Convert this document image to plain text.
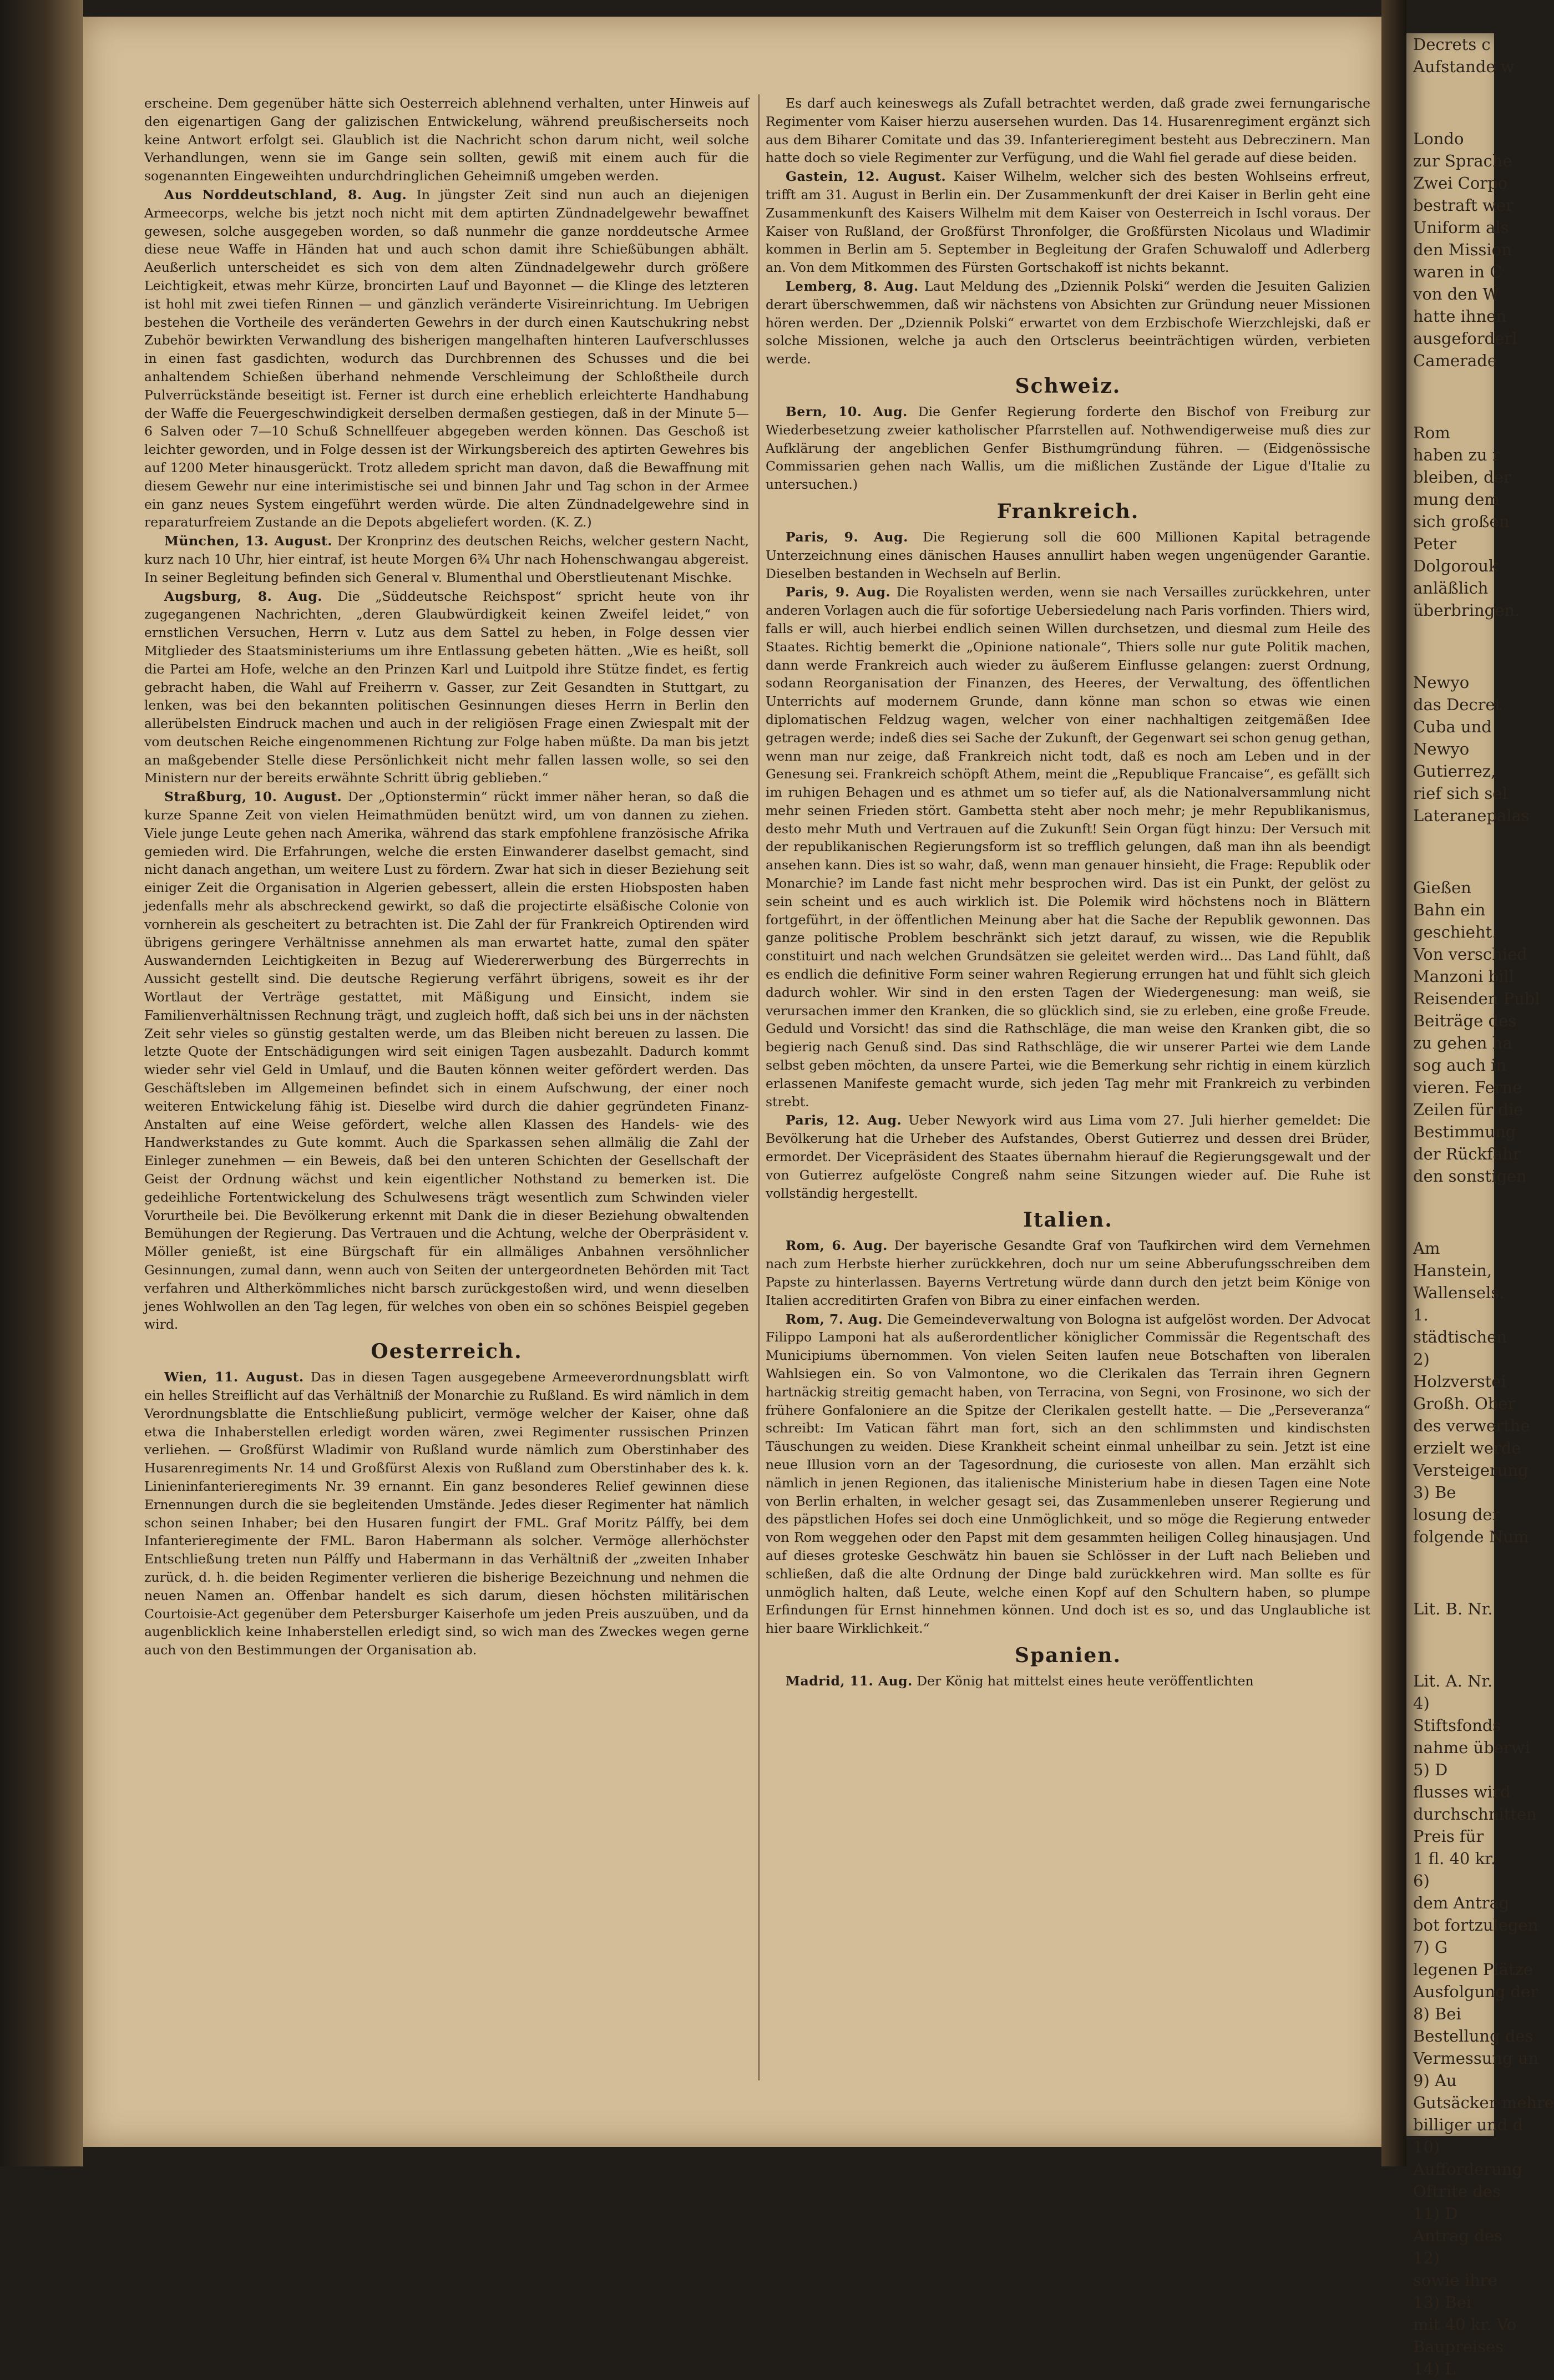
erscheine. Dem gegenüber hätte sich Oesterreich ablehnend verhalten, unter Hinweis auf den eigenartigen Gang der galizischen Entwickelung, während preußischerseits noch keine Antwort erfolgt sei. Glaublich ist die Nachricht schon darum nicht, weil solche Verhandlungen, wenn sie im Gange sein sollten, gewiß mit einem auch für die sogenannten Eingeweihten undurchdringlichen Geheimniß umgeben werden.

Aus Norddeutschland, 8. Aug. In jüngster Zeit sind nun auch an diejenigen Armeecorps, welche bis jetzt noch nicht mit dem aptirten Zündnadelgewehr bewaffnet gewesen, solche ausgegeben worden, so daß nunmehr die ganze norddeutsche Armee diese neue Waffe in Händen hat und auch schon damit ihre Schießübungen abhält. Aeußerlich unterscheidet es sich von dem alten Zündnadelgewehr durch größere Leichtigkeit, etwas mehr Kürze, broncirten Lauf und Bayonnet — die Klinge des letzteren ist hohl mit zwei tiefen Rinnen — und gänzlich veränderte Visireinrichtung. Im Uebrigen bestehen die Vortheile des veränderten Gewehrs in der durch einen Kautschukring nebst Zubehör bewirkten Verwandlung des bisherigen mangelhaften hinteren Laufverschlusses in einen fast gasdichten, wodurch das Durchbrennen des Schusses und die bei anhaltendem Schießen überhand nehmende Verschleimung der Schloßtheile durch Pulverrückstände beseitigt ist. Ferner ist durch eine erheblich erleichterte Handhabung der Waffe die Feuergeschwindigkeit derselben dermaßen gestiegen, daß in der Minute 5—6 Salven oder 7—10 Schuß Schnellfeuer abgegeben werden können. Das Geschoß ist leichter geworden, und in Folge dessen ist der Wirkungsbereich des aptirten Gewehres bis auf 1200 Meter hinausgerückt. Trotz alledem spricht man davon, daß die Bewaffnung mit diesem Gewehr nur eine interimistische sei und binnen Jahr und Tag schon in der Armee ein ganz neues System eingeführt werden würde. Die alten Zündnadelgewehre sind in reparaturfreiem Zustande an die Depots abgeliefert worden. (K. Z.)

München, 13. August. Der Kronprinz des deutschen Reichs, welcher gestern Nacht, kurz nach 10 Uhr, hier eintraf, ist heute Morgen 6¾ Uhr nach Hohenschwangau abgereist. In seiner Begleitung befinden sich General v. Blumenthal und Oberstlieutenant Mischke.

Augsburg, 8. Aug. Die „Süddeutsche Reichspost“ spricht heute von ihr zugegangenen Nachrichten, „deren Glaubwürdigkeit keinen Zweifel leidet,“ von ernstlichen Versuchen, Herrn v. Lutz aus dem Sattel zu heben, in Folge dessen vier Mitglieder des Staatsministeriums um ihre Entlassung gebeten hätten. „Wie es heißt, soll die Partei am Hofe, welche an den Prinzen Karl und Luitpold ihre Stütze findet, es fertig gebracht haben, die Wahl auf Freiherrn v. Gasser, zur Zeit Gesandten in Stuttgart, zu lenken, was bei den bekannten politischen Gesinnungen dieses Herrn in Berlin den allerübelsten Eindruck machen und auch in der religiösen Frage einen Zwiespalt mit der vom deutschen Reiche eingenommenen Richtung zur Folge haben müßte. Da man bis jetzt an maßgebender Stelle diese Persönlichkeit nicht mehr fallen lassen wolle, so sei den Ministern nur der bereits erwähnte Schritt übrig geblieben.“

Straßburg, 10. August. Der „Optionstermin“ rückt immer näher heran, so daß die kurze Spanne Zeit von vielen Heimathmüden benützt wird, um von dannen zu ziehen. Viele junge Leute gehen nach Amerika, während das stark empfohlene französische Afrika gemieden wird. Die Erfahrungen, welche die ersten Einwanderer daselbst gemacht, sind nicht danach angethan, um weitere Lust zu fördern. Zwar hat sich in dieser Beziehung seit einiger Zeit die Organisation in Algerien gebessert, allein die ersten Hiobsposten haben jedenfalls mehr als abschreckend gewirkt, so daß die projectirte elsäßische Colonie von vornherein als gescheitert zu betrachten ist. Die Zahl der für Frankreich Optirenden wird übrigens geringere Verhältnisse annehmen als man erwartet hatte, zumal den später Auswandernden Leichtigkeiten in Bezug auf Wiedererwerbung des Bürgerrechts in Aussicht gestellt sind. Die deutsche Regierung verfährt übrigens, soweit es ihr der Wortlaut der Verträge gestattet, mit Mäßigung und Einsicht, indem sie Familienverhältnissen Rechnung trägt, und zugleich hofft, daß sich bei uns in der nächsten Zeit sehr vieles so günstig gestalten werde, um das Bleiben nicht bereuen zu lassen. Die letzte Quote der Entschädigungen wird seit einigen Tagen ausbezahlt. Dadurch kommt wieder sehr viel Geld in Umlauf, und die Bauten können weiter gefördert werden. Das Geschäftsleben im Allgemeinen befindet sich in einem Aufschwung, der einer noch weiteren Entwickelung fähig ist. Dieselbe wird durch die dahier gegründeten Finanz-Anstalten auf eine Weise gefördert, welche allen Klassen des Handels- wie des Handwerkstandes zu Gute kommt. Auch die Sparkassen sehen allmälig die Zahl der Einleger zunehmen — ein Beweis, daß bei den unteren Schichten der Gesellschaft der Geist der Ordnung wächst und kein eigentlicher Nothstand zu bemerken ist. Die gedeihliche Fortentwickelung des Schulwesens trägt wesentlich zum Schwinden vieler Vorurtheile bei. Die Bevölkerung erkennt mit Dank die in dieser Beziehung obwaltenden Bemühungen der Regierung. Das Vertrauen und die Achtung, welche der Oberpräsident v. Möller genießt, ist eine Bürgschaft für ein allmäliges Anbahnen versöhnlicher Gesinnungen, zumal dann, wenn auch von Seiten der untergeordneten Behörden mit Tact verfahren und Altherkömmliches nicht barsch zurückgestoßen wird, und wenn dieselben jenes Wohlwollen an den Tag legen, für welches von oben ein so schönes Beispiel gegeben wird.

Oesterreich.

Wien, 11. August. Das in diesen Tagen ausgegebene Armeeverordnungsblatt wirft ein helles Streiflicht auf das Verhältniß der Monarchie zu Rußland. Es wird nämlich in dem Verordnungsblatte die Entschließung publicirt, vermöge welcher der Kaiser, ohne daß etwa die Inhaberstellen erledigt worden wären, zwei Regimenter russischen Prinzen verliehen. — Großfürst Wladimir von Rußland wurde nämlich zum Oberstinhaber des Husarenregiments Nr. 14 und Großfürst Alexis von Rußland zum Oberstinhaber des k. k. Linieninfanterieregiments Nr. 39 ernannt. Ein ganz besonderes Relief gewinnen diese Ernennungen durch die sie begleitenden Umstände. Jedes dieser Regimenter hat nämlich schon seinen Inhaber; bei den Husaren fungirt der FML. Graf Moritz Pálffy, bei dem Infanterieregimente der FML. Baron Habermann als solcher. Vermöge allerhöchster Entschließung treten nun Pálffy und Habermann in das Verhältniß der „zweiten Inhaber zurück, d. h. die beiden Regimenter verlieren die bisherige Bezeichnung und nehmen die neuen Namen an. Offenbar handelt es sich darum, diesen höchsten militärischen Courtoisie-Act gegenüber dem Petersburger Kaiserhofe um jeden Preis auszuüben, und da augenblicklich keine Inhaberstellen erledigt sind, so wich man des Zweckes wegen gerne auch von den Bestimmungen der Organisation ab.

Es darf auch keineswegs als Zufall betrachtet werden, daß grade zwei fernungarische Regimenter vom Kaiser hierzu ausersehen wurden. Das 14. Husarenregiment ergänzt sich aus dem Biharer Comitate und das 39. Infanterieregiment besteht aus Debreczinern. Man hatte doch so viele Regimenter zur Verfügung, und die Wahl fiel gerade auf diese beiden.

Gastein, 12. August. Kaiser Wilhelm, welcher sich des besten Wohlseins erfreut, trifft am 31. August in Berlin ein. Der Zusammenkunft der drei Kaiser in Berlin geht eine Zusammenkunft des Kaisers Wilhelm mit dem Kaiser von Oesterreich in Ischl voraus. Der Kaiser von Rußland, der Großfürst Thronfolger, die Großfürsten Nicolaus und Wladimir kommen in Berlin am 5. September in Begleitung der Grafen Schuwaloff und Adlerberg an. Von dem Mitkommen des Fürsten Gortschakoff ist nichts bekannt.

Lemberg, 8. Aug. Laut Meldung des „Dziennik Polski“ werden die Jesuiten Galizien derart überschwemmen, daß wir nächstens von Absichten zur Gründung neuer Missionen hören werden. Der „Dziennik Polski“ erwartet von dem Erzbischofe Wierzchlejski, daß er solche Missionen, welche ja auch den Ortsclerus beeinträchtigen würden, verbieten werde.

Schweiz.

Bern, 10. Aug. Die Genfer Regierung forderte den Bischof von Freiburg zur Wiederbesetzung zweier katholischer Pfarrstellen auf. Nothwendigerweise muß dies zur Aufklärung der angeblichen Genfer Bisthumgründung führen. — (Eidgenössische Commissarien gehen nach Wallis, um die mißlichen Zustände der Ligue d'Italie zu untersuchen.)

Frankreich.

Paris, 9. Aug. Die Regierung soll die 600 Millionen Kapital betragende Unterzeichnung eines dänischen Hauses annullirt haben wegen ungenügender Garantie. Dieselben bestanden in Wechseln auf Berlin.

Paris, 9. Aug. Die Royalisten werden, wenn sie nach Versailles zurückkehren, unter anderen Vorlagen auch die für sofortige Uebersiedelung nach Paris vorfinden. Thiers wird, falls er will, auch hierbei endlich seinen Willen durchsetzen, und diesmal zum Heile des Staates. Richtig bemerkt die „Opinione nationale“, Thiers solle nur gute Politik machen, dann werde Frankreich auch wieder zu äußerem Einflusse gelangen: zuerst Ordnung, sodann Reorganisation der Finanzen, des Heeres, der Verwaltung, des öffentlichen Unterrichts auf modernem Grunde, dann könne man schon so etwas wie einen diplomatischen Feldzug wagen, welcher von einer nachhaltigen zeitgemäßen Idee getragen werde; indeß dies sei Sache der Zukunft, der Gegenwart sei schon genug gethan, wenn man nur zeige, daß Frankreich nicht todt, daß es noch am Leben und in der Genesung sei. Frankreich schöpft Athem, meint die „Republique Francaise“, es gefällt sich im ruhigen Behagen und es athmet um so tiefer auf, als die Nationalversammlung nicht mehr seinen Frieden stört. Gambetta steht aber noch mehr; je mehr Republikanismus, desto mehr Muth und Vertrauen auf die Zukunft! Sein Organ fügt hinzu: Der Versuch mit der republikanischen Regierungsform ist so trefflich gelungen, daß man ihn als beendigt ansehen kann. Dies ist so wahr, daß, wenn man genauer hinsieht, die Frage: Republik oder Monarchie? im Lande fast nicht mehr besprochen wird. Das ist ein Punkt, der gelöst zu sein scheint und es auch wirklich ist. Die Polemik wird höchstens noch in Blättern fortgeführt, in der öffentlichen Meinung aber hat die Sache der Republik gewonnen. Das ganze politische Problem beschränkt sich jetzt darauf, zu wissen, wie die Republik constituirt und nach welchen Grundsätzen sie geleitet werden wird... Das Land fühlt, daß es endlich die definitive Form seiner wahren Regierung errungen hat und fühlt sich gleich dadurch wohler. Wir sind in den ersten Tagen der Wiedergenesung: man weiß, sie verursachen immer den Kranken, die so glücklich sind, sie zu erleben, eine große Freude. Geduld und Vorsicht! das sind die Rathschläge, die man weise den Kranken gibt, die so begierig nach Genuß sind. Das sind Rathschläge, die wir unserer Partei wie dem Lande selbst geben möchten, da unsere Partei, wie die Bemerkung sehr richtig in einem kürzlich erlassenen Manifeste gemacht wurde, sich jeden Tag mehr mit Frankreich zu verbinden strebt.

Paris, 12. Aug. Ueber Newyork wird aus Lima vom 27. Juli hierher gemeldet: Die Bevölkerung hat die Urheber des Aufstandes, Oberst Gutierrez und dessen drei Brüder, ermordet. Der Vicepräsident des Staates übernahm hierauf die Regierungsgewalt und der von Gutierrez aufgelöste Congreß nahm seine Sitzungen wieder auf. Die Ruhe ist vollständig hergestellt.

Italien.

Rom, 6. Aug. Der bayerische Gesandte Graf von Taufkirchen wird dem Vernehmen nach zum Herbste hierher zurückkehren, doch nur um seine Abberufungsschreiben dem Papste zu hinterlassen. Bayerns Vertretung würde dann durch den jetzt beim Könige von Italien accreditirten Grafen von Bibra zu einer einfachen werden.

Rom, 7. Aug. Die Gemeindeverwaltung von Bologna ist aufgelöst worden. Der Advocat Filippo Lamponi hat als außerordentlicher königlicher Commissär die Regentschaft des Municipiums übernommen. Von vielen Seiten laufen neue Botschaften von liberalen Wahlsiegen ein. So von Valmontone, wo die Clerikalen das Terrain ihren Gegnern hartnäckig streitig gemacht haben, von Terracina, von Segni, von Frosinone, wo sich der frühere Gonfaloniere an die Spitze der Clerikalen gestellt hatte. — Die „Perseveranza“ schreibt: Im Vatican fährt man fort, sich an den schlimmsten und kindischsten Täuschungen zu weiden. Diese Krankheit scheint einmal unheilbar zu sein. Jetzt ist eine neue Illusion vorn an der Tagesordnung, die curioseste von allen. Man erzählt sich nämlich in jenen Regionen, das italienische Ministerium habe in diesen Tagen eine Note von Berlin erhalten, in welcher gesagt sei, das Zusammenleben unserer Regierung und des päpstlichen Hofes sei doch eine Unmöglichkeit, und so möge die Regierung entweder von Rom weggehen oder den Papst mit dem gesammten heiligen Colleg hinausjagen. Und auf dieses groteske Geschwätz hin bauen sie Schlösser in der Luft nach Belieben und schließen, daß die alte Ordnung der Dinge bald zurückkehren wird. Man sollte es für unmöglich halten, daß Leute, welche einen Kopf auf den Schultern haben, so plumpe Erfindungen für Ernst hinnehmen können. Und doch ist es so, und das Unglaubliche ist hier baare Wirklichkeit.“

Spanien.

Madrid, 11. Aug. Der König hat mittelst eines heute veröffentlichten

Decrets c
Aufstande w
Londo
zur Sprache
Zwei Corpo
bestraft wer
Uniform als
den Mission
waren in C
von den W
hatte ihnen
ausgeforderl
Camerade
Rom
haben zu r
bleiben, der
mung dem
sich großen
Peter
Dolgorouk
anläßlich
überbringen.
Newyo
das Decret
Cuba und
Newyo
Gutierrez,
rief sich sel
Lateranepalas
Gießen
Bahn ein
geschieht.
Von verschied
Manzoni bill
Reisenden Publ
Beiträge des
zu gehen ha
sog auch in
vieren. Ferne
Zeilen für die
Bestimmung
der Rückfahr
den sonstigen
Am
Hanstein,
Wallensels.
1.
städtischen
2)
Holzverstei
Großh. Ober
des verwerthe
erzielt werde
Versteigerung
3) Be
losung der
folgende Num
Lit. B. Nr.
Lit. A. Nr.
4)
Stiftsfonds
nahme überwi
5) D
flusses wird
durchschnitten
Preis für
1 fl. 40 kr.
6)
dem Antrag
bot fortzulegen
7) G
legenen Plätze
Ausfolgung der
8) Bei
Bestellung des
Vermessung un
9) Au
Gutsäcker mehre
billiger und d
10)
Aufforderung
Oftrite des
11) D
Antrag des
12)
sowie ihre
13) Bei
mit 40 kr. Vo
Baupreises
14) L
